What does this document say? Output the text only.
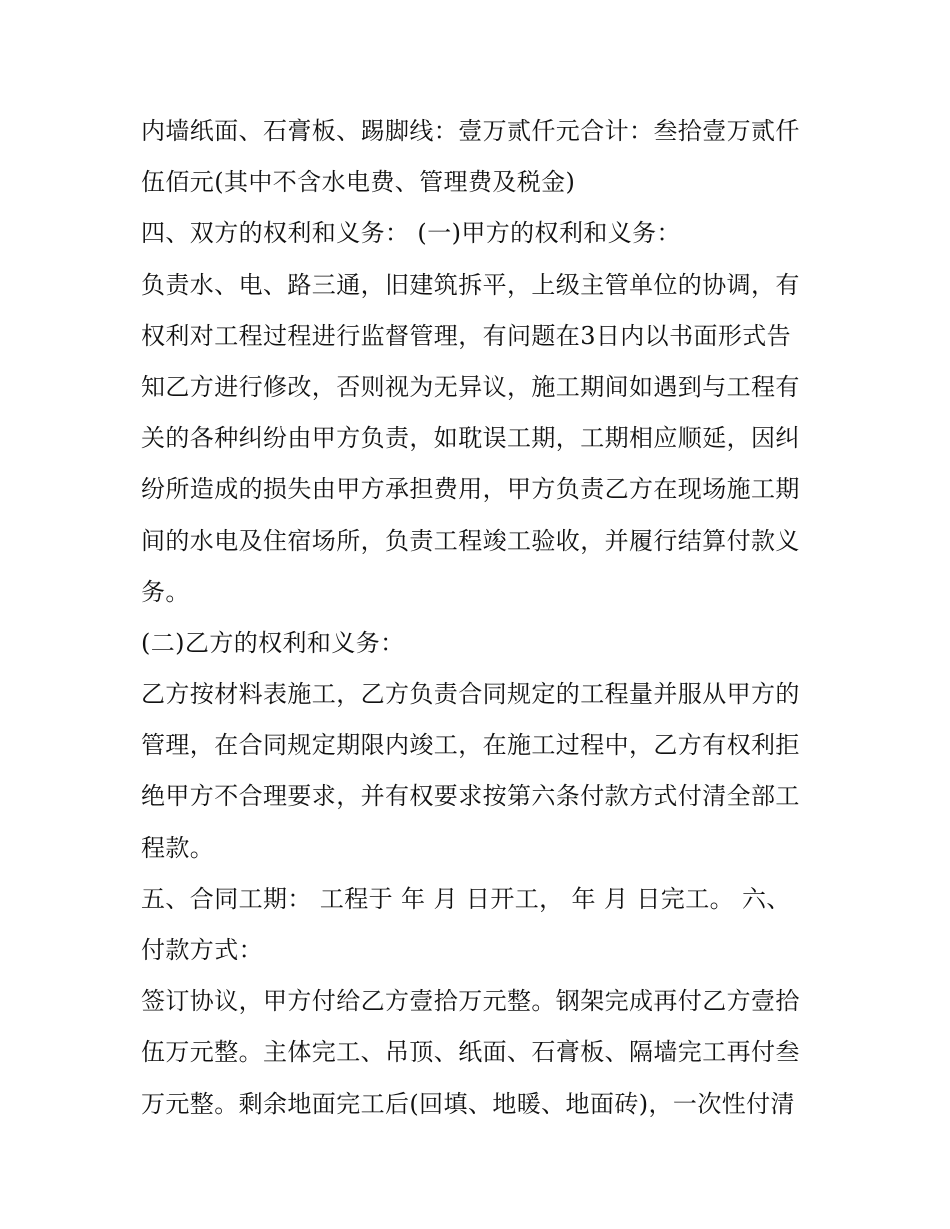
内墙纸面、石膏板、踢脚线：壹万贰仟元合计：叁拾壹万贰仟
伍佰元(其中不含水电费、管理费及税金)
四、双方的权利和义务： (一)甲方的权利和义务：
负责水、电、路三通，旧建筑拆平，上级主管单位的协调，有
权利对工程过程进行监督管理，有问题在3日内以书面形式告
知乙方进行修改，否则视为无异议，施工期间如遇到与工程有
关的各种纠纷由甲方负责，如耽误工期，工期相应顺延，因纠
纷所造成的损失由甲方承担费用，甲方负责乙方在现场施工期
间的水电及住宿场所，负责工程竣工验收，并履行结算付款义
务。
(二)乙方的权利和义务：
乙方按材料表施工，乙方负责合同规定的工程量并服从甲方的
管理，在合同规定期限内竣工，在施工过程中，乙方有权利拒
绝甲方不合理要求，并有权要求按第六条付款方式付清全部工
程款。
五、合同工期： 工程于 年 月 日开工， 年 月 日完工。 六、
付款方式：
签订协议，甲方付给乙方壹拾万元整。钢架完成再付乙方壹拾
伍万元整。主体完工、吊顶、纸面、石膏板、隔墙完工再付叁
万元整。剩余地面完工后(回填、地暖、地面砖)，一次性付清
